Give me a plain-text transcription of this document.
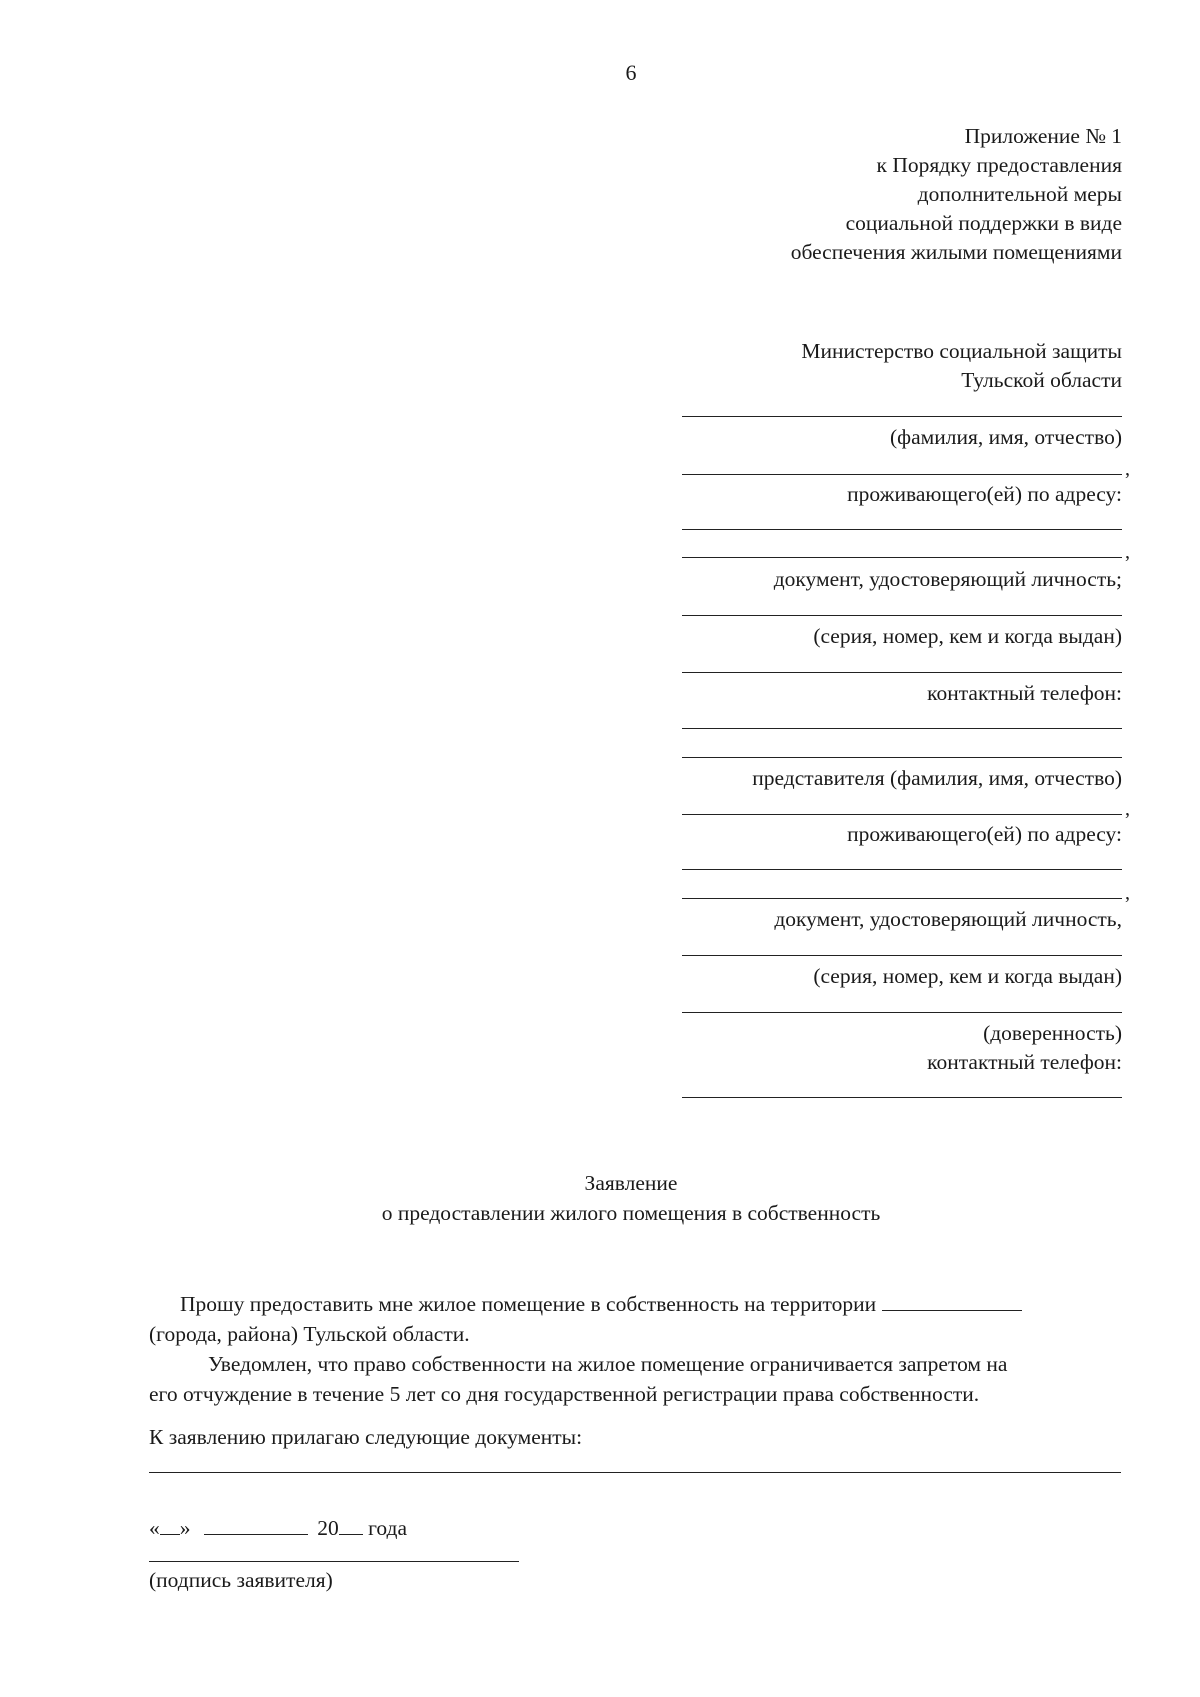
6
Приложение № 1
к Порядку предоставления
дополнительной меры
социальной поддержки в виде
обеспечения жилыми помещениями
Министерство социальной защиты
Тульской области
(фамилия, имя, отчество)
,
проживающего(ей) по адресу:
,
документ, удостоверяющий личность;
(серия, номер, кем и когда выдан)
контактный телефон:
представителя (фамилия, имя, отчество)
,
проживающего(ей) по адресу:
,
документ, удостоверяющий личность,
(серия, номер, кем и когда выдан)
(доверенность)
контактный телефон:
Заявление
о предоставлении жилого помещения в собственность
Прошу предоставить мне жилое помещение в собственность на территории
(города, района) Тульской области.
Уведомлен, что право собственности на жилое помещение ограничивается запретом на
его отчуждение в течение 5 лет со дня государственной регистрации права собственности.
К заявлению прилагаю следующие документы:
« »	20 года
(подпись заявителя)
